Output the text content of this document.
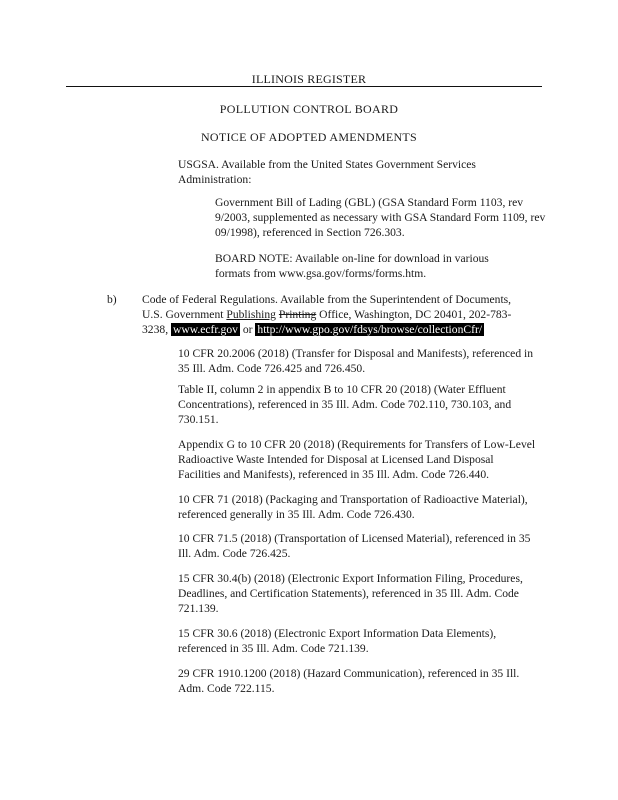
ILLINOIS REGISTER
POLLUTION CONTROL BOARD
NOTICE OF ADOPTED AMENDMENTS

USGSA. Available from the United States Government Services Administration:

Government Bill of Lading (GBL) (GSA Standard Form 1103, rev 9/2003, supplemented as necessary with GSA Standard Form 1109, rev 09/1998), referenced in Section 726.303.

BOARD NOTE: Available on-line for download in various formats from www.gsa.gov/forms/forms.htm.

b) Code of Federal Regulations. Available from the Superintendent of Documents,
U.S. Government Publishing Printing Office, Washington, DC 20401, 202-783-
3238, www.ecfr.gov or http://www.gpo.gov/fdsys/browse/collectionCfr/

10 CFR 20.2006 (2018) (Transfer for Disposal and Manifests), referenced in 35 Ill. Adm. Code 726.425 and 726.450.

Table II, column 2 in appendix B to 10 CFR 20 (2018) (Water Effluent Concentrations), referenced in 35 Ill. Adm. Code 702.110, 730.103, and 730.151.

Appendix G to 10 CFR 20 (2018) (Requirements for Transfers of Low-Level Radioactive Waste Intended for Disposal at Licensed Land Disposal Facilities and Manifests), referenced in 35 Ill. Adm. Code 726.440.

10 CFR 71 (2018) (Packaging and Transportation of Radioactive Material), referenced generally in 35 Ill. Adm. Code 726.430.

10 CFR 71.5 (2018) (Transportation of Licensed Material), referenced in 35 Ill. Adm. Code 726.425.

15 CFR 30.4(b) (2018) (Electronic Export Information Filing, Procedures, Deadlines, and Certification Statements), referenced in 35 Ill. Adm. Code 721.139.

15 CFR 30.6 (2018) (Electronic Export Information Data Elements), referenced in 35 Ill. Adm. Code 721.139.

29 CFR 1910.1200 (2018) (Hazard Communication), referenced in 35 Ill. Adm. Code 722.115.
